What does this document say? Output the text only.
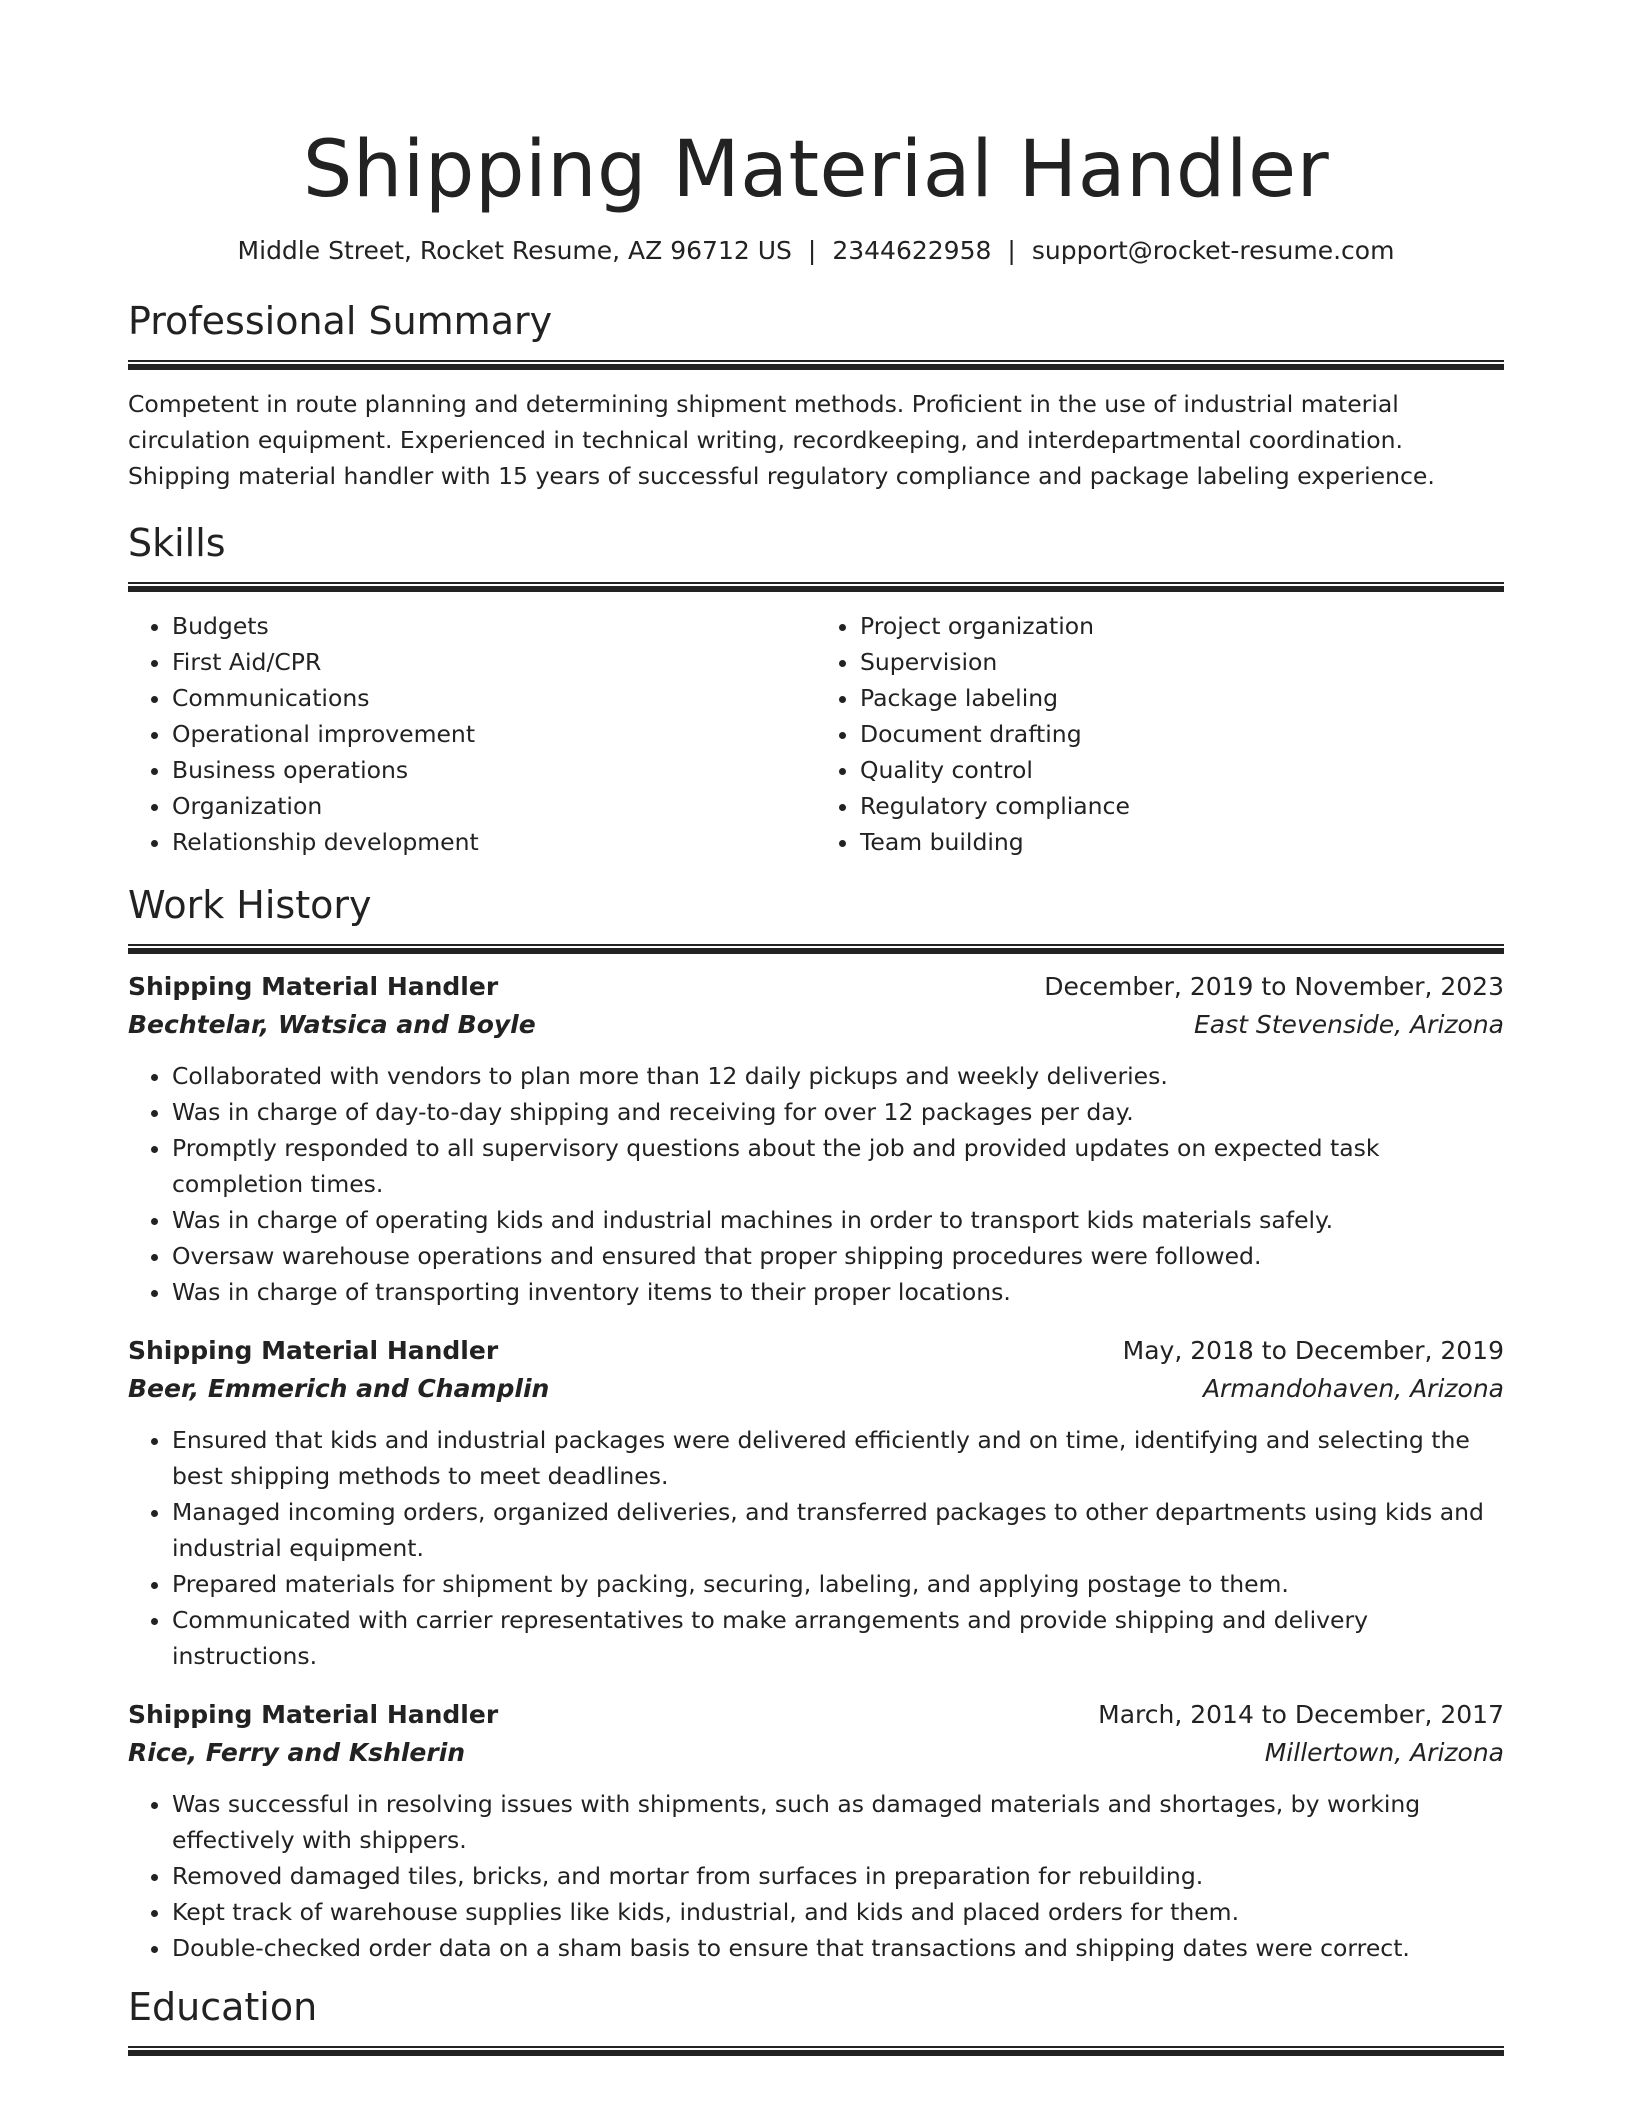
Shipping Material Handler
Middle Street, Rocket Resume, AZ 96712 US | 2344622958 | support@rocket-resume.com
Professional Summary

Competent in route planning and determining shipment methods. Proficient in the use of industrial material circulation equipment. Experienced in technical writing, recordkeeping, and interdepartmental coordination. Shipping material handler with 15 years of successful regulatory compliance and package labeling experience.

Skills
• Budgets
• First Aid/CPR
• Communications
• Operational improvement
• Business operations
• Organization
• Relationship development
• Project organization
• Supervision
• Package labeling
• Document drafting
• Quality control
• Regulatory compliance
• Team building
Work History
Shipping Material Handler	December, 2019 to November, 2023
Bechtelar, Watsica and Boyle	East Stevenside, Arizona
• Collaborated with vendors to plan more than 12 daily pickups and weekly deliveries.
• Was in charge of day-to-day shipping and receiving for over 12 packages per day.
• Promptly responded to all supervisory questions about the job and provided updates on expected task completion times.
• Was in charge of operating kids and industrial machines in order to transport kids materials safely.
• Oversaw warehouse operations and ensured that proper shipping procedures were followed.
• Was in charge of transporting inventory items to their proper locations.
Shipping Material Handler	May, 2018 to December, 2019
Beer, Emmerich and Champlin	Armandohaven, Arizona
• Ensured that kids and industrial packages were delivered efficiently and on time, identifying and selecting the best shipping methods to meet deadlines.
• Managed incoming orders, organized deliveries, and transferred packages to other departments using kids and industrial equipment.
• Prepared materials for shipment by packing, securing, labeling, and applying postage to them.
• Communicated with carrier representatives to make arrangements and provide shipping and delivery instructions.
Shipping Material Handler	March, 2014 to December, 2017
Rice, Ferry and Kshlerin	Millertown, Arizona
• Was successful in resolving issues with shipments, such as damaged materials and shortages, by working effectively with shippers.
• Removed damaged tiles, bricks, and mortar from surfaces in preparation for rebuilding.
• Kept track of warehouse supplies like kids, industrial, and kids and placed orders for them.
• Double-checked order data on a sham basis to ensure that transactions and shipping dates were correct.
Education
